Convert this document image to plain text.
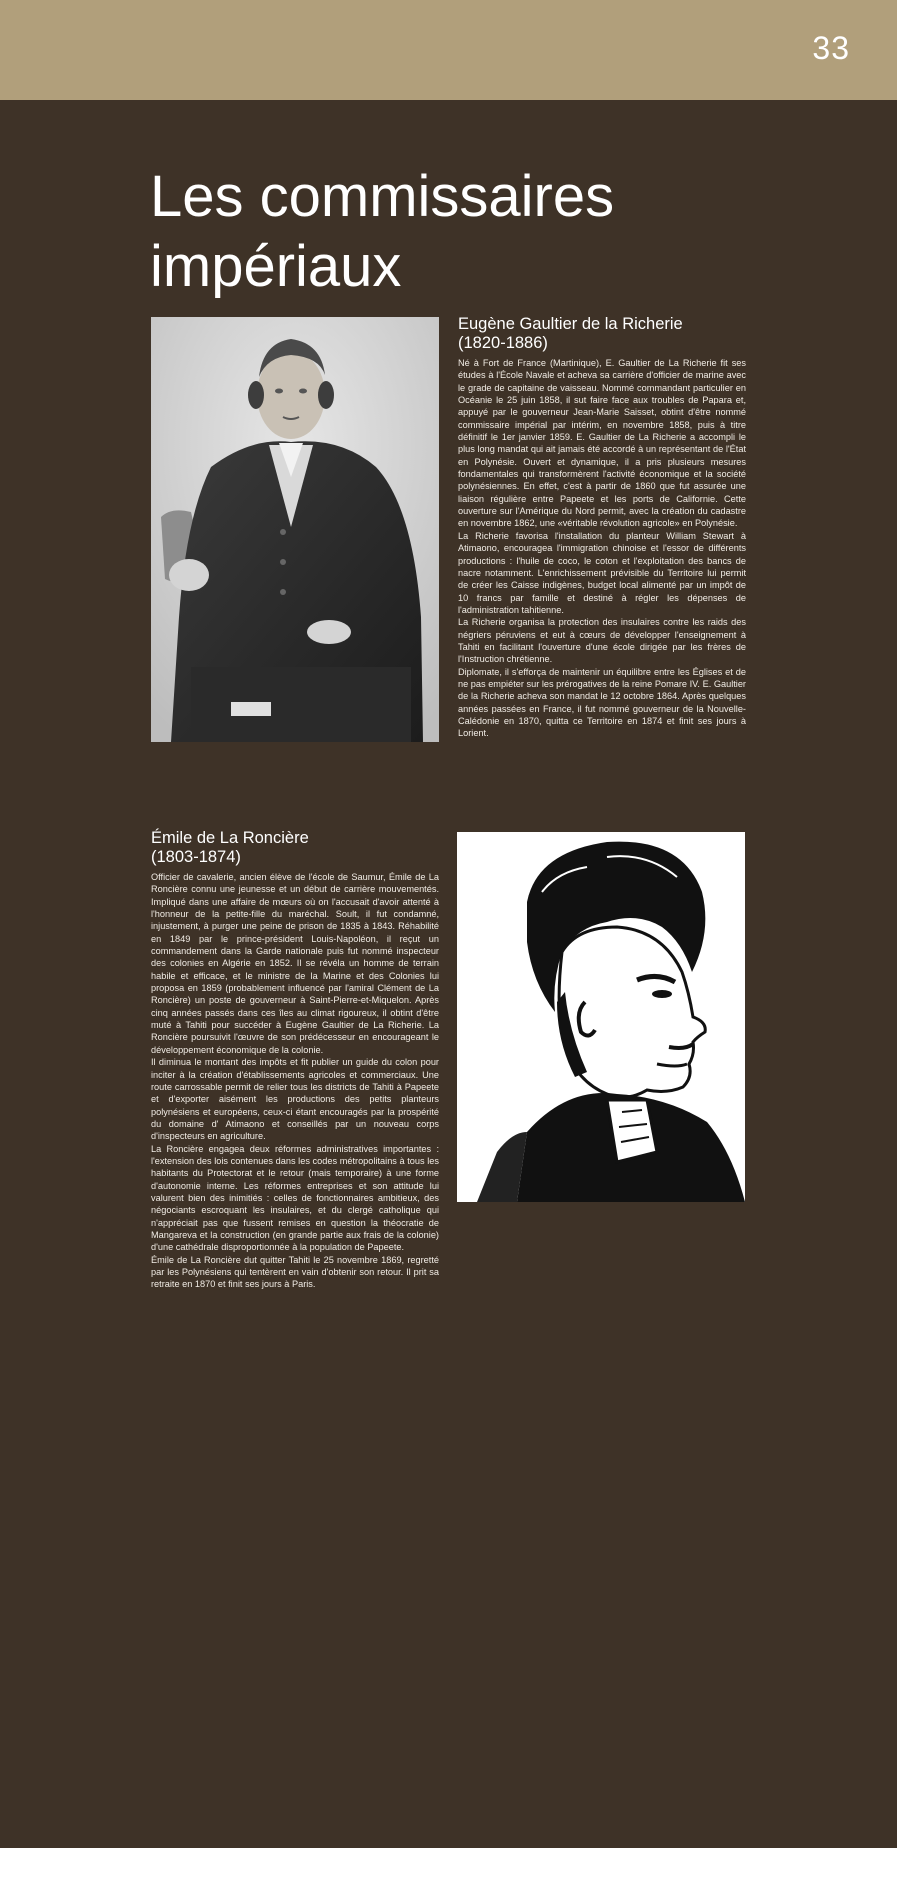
33
Les commissaires
impériaux
Eugène Gaultier de la Richerie
(1820-1886)

Né à Fort de France (Martinique), E. Gaultier de La Richerie fit ses études à l'École Navale et acheva sa carrière d'officier de marine avec le grade de capitaine de vaisseau. Nommé commandant particulier en Océanie le 25 juin 1858, il sut faire face aux troubles de Papara et, appuyé par le gouverneur Jean-Marie Saisset, obtint d'être nommé commissaire impérial par intérim, en novembre 1858, puis à titre définitif le 1er janvier 1859. E. Gaultier de La Richerie a accompli le plus long mandat qui ait jamais été accordé à un représentant de l'État en Polynésie. Ouvert et dynamique, il a pris plusieurs mesures fondamentales qui transformèrent l'activité économique et la société polynésiennes. En effet, c'est à partir de 1860 que fut assurée une liaison régulière entre Papeete et les ports de Californie. Cette ouverture sur l'Amérique du Nord permit, avec la création du cadastre en novembre 1862, une «véritable révolution agricole» en Polynésie.

La Richerie favorisa l'installation du planteur William Stewart à Atimaono, encouragea l'immigration chinoise et l'essor de différents productions : l'huile de coco, le coton et l'exploitation des bancs de nacre notamment. L'enrichissement prévisible du Territoire lui permit de créer les Caisse indigènes, budget local alimenté par un impôt de 10 francs par famille et destiné à régler les dépenses de l'administration tahitienne.

La Richerie organisa la protection des insulaires contre les raids des négriers péruviens et eut à cœurs de développer l'enseignement à Tahiti en facilitant l'ouverture d'une école dirigée par les frères de l'Instruction chrétienne.

Diplomate, il s'efforça de maintenir un équilibre entre les Églises et de ne pas empiéter sur les prérogatives de la reine Pomare IV. E. Gaultier de la Richerie acheva son mandat le 12 octobre 1864. Après quelques années passées en France, il fut nommé gouverneur de la Nouvelle-Calédonie en 1870, quitta ce Territoire en 1874 et finit ses jours à Lorient.

Émile de La Roncière
(1803-1874)

Officier de cavalerie, ancien élève de l'école de Saumur, Émile de La Roncière connu une jeunesse et un début de carrière mouvementés. Impliqué dans une affaire de mœurs où on l'accusait d'avoir attenté à l'honneur de la petite-fille du maréchal. Soult, il fut condamné, injustement, à purger une peine de prison de 1835 à 1843. Réhabilité en 1849 par le prince-président Louis-Napoléon, il reçut un commandement dans la Garde nationale puis fut nommé inspecteur des colonies en Algérie en 1852. Il se révéla un homme de terrain habile et efficace, et le ministre de la Marine et des Colonies lui proposa en 1859 (probablement influencé par l'amiral Clément de La Roncière) un poste de gouverneur à Saint-Pierre-et-Miquelon. Après cinq années passés dans ces îles au climat rigoureux, il obtint d'être muté à Tahiti pour succéder à Eugène Gaultier de La Richerie. La Roncière poursuivit l'œuvre de son prédécesseur en encourageant le développement économique de la colonie.

Il diminua le montant des impôts et fit publier un guide du colon pour inciter à la création d'établissements agricoles et commerciaux. Une route carrossable permit de relier tous les districts de Tahiti à Papeete et d'exporter aisément les productions des petits planteurs polynésiens et européens, ceux-ci étant encouragés par la prospérité du domaine d' Atimaono et conseillés par un nouveau corps d'inspecteurs en agriculture.

La Roncière engagea deux réformes administratives importantes : l'extension des lois contenues dans les codes métropolitains à tous les habitants du Protectorat et le retour (mais temporaire) à une forme d'autonomie interne. Les réformes entreprises et son attitude lui valurent bien des inimitiés : celles de fonctionnaires ambitieux, des négociants escroquant les insulaires, et du clergé catholique qui n'appréciait pas que fussent remises en question la théocratie de Mangareva et la construction (en grande partie aux frais de la colonie) d'une cathédrale disproportionnée à la population de Papeete.

Émile de La Roncière dut quitter Tahiti le 25 novembre 1869, regretté par les Polynésiens qui tentèrent en vain d'obtenir son retour. Il prit sa retraite en 1870 et finit ses jours à Paris.
